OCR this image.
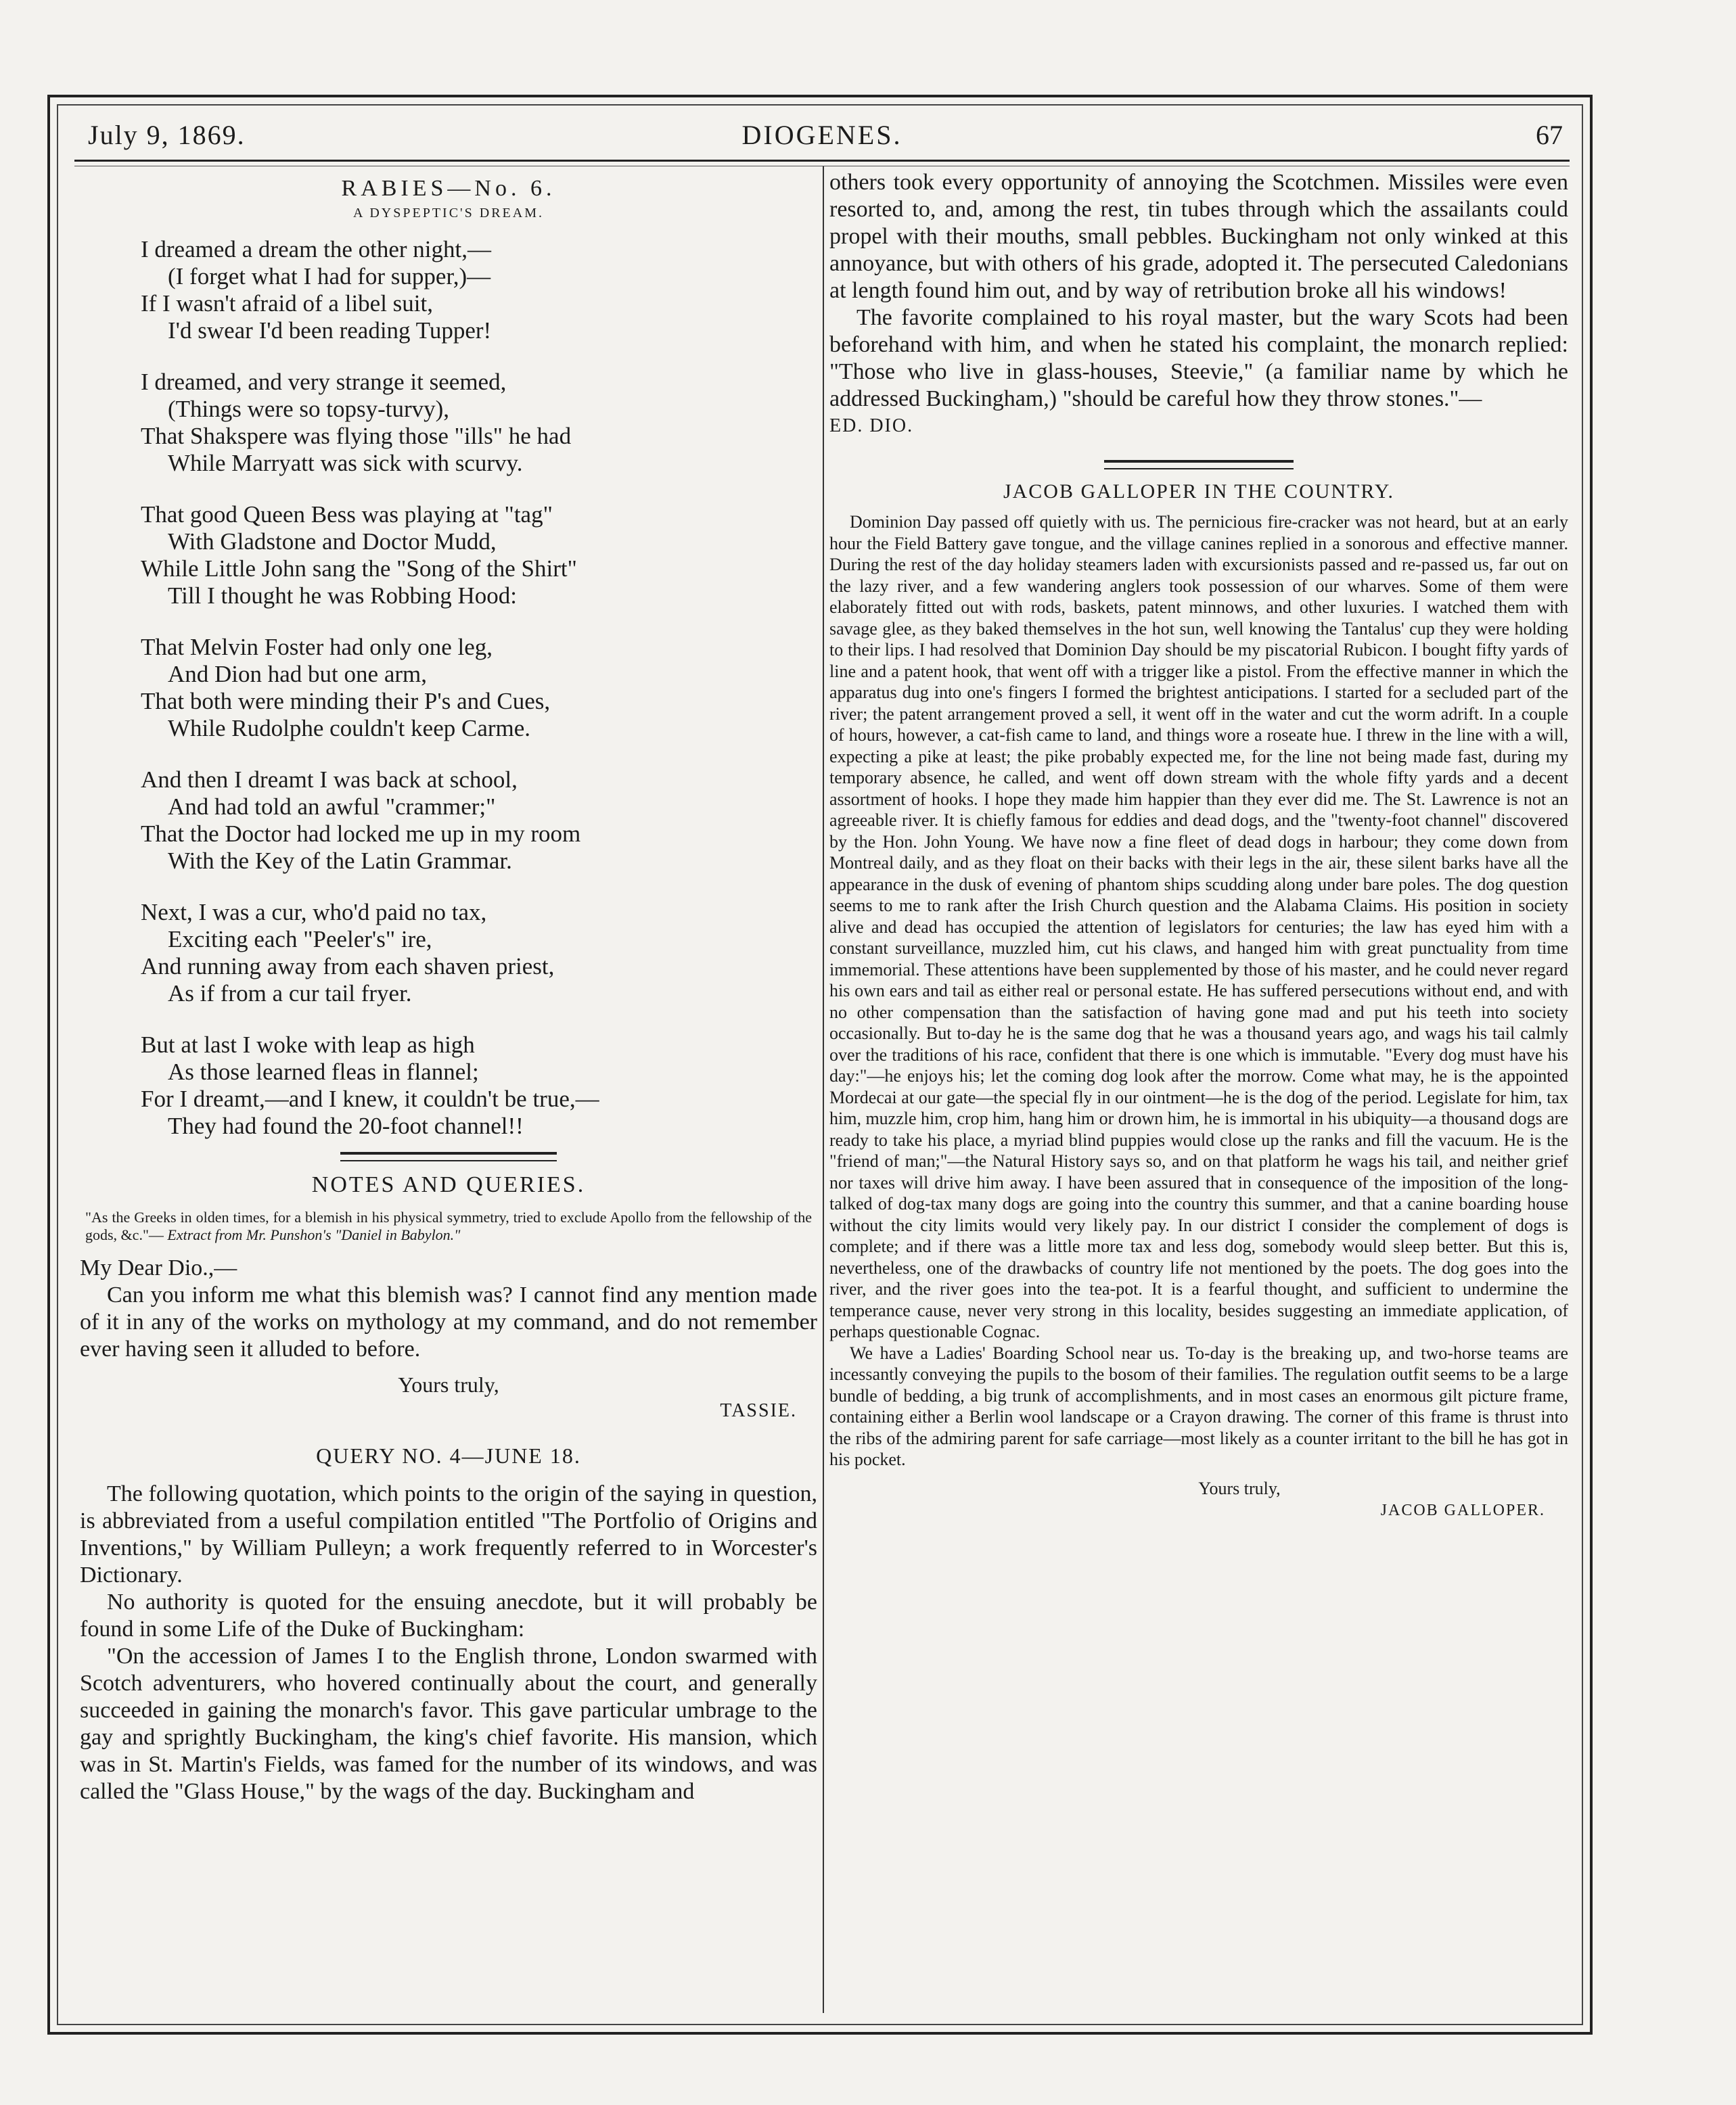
July 9, 1869.	DIOGENES.	67
RABIES—No. 6.
A DYSPEPTIC'S DREAM.
I dreamed a dream the other night,—
(I forget what I had for supper,)—
If I wasn't afraid of a libel suit,
I'd swear I'd been reading Tupper!
I dreamed, and very strange it seemed,
(Things were so topsy-turvy),
That Shakspere was flying those "ills" he had
While Marryatt was sick with scurvy.
That good Queen Bess was playing at "tag"
With Gladstone and Doctor Mudd,
While Little John sang the "Song of the Shirt"
Till I thought he was Robbing Hood:
That Melvin Foster had only one leg,
And Dion had but one arm,
That both were minding their P's and Cues,
While Rudolphe couldn't keep Carme.
And then I dreamt I was back at school,
And had told an awful "crammer;"
That the Doctor had locked me up in my room
With the Key of the Latin Grammar.
Next, I was a cur, who'd paid no tax,
Exciting each "Peeler's" ire,
And running away from each shaven priest,
As if from a cur tail fryer.
But at last I woke with leap as high
As those learned fleas in flannel;
For I dreamt,—and I knew, it couldn't be true,—
They had found the 20-foot channel!!
NOTES AND QUERIES.
"As the Greeks in olden times, for a blemish in his physical symmetry, tried to exclude Apollo from the fellowship of the gods, &c."— Extract from Mr. Punshon's "Daniel in Babylon."

My Dear Dio.,—

Can you inform me what this blemish was? I cannot find any mention made of it in any of the works on mythology at my command, and do not remember ever having seen it alluded to before.

Yours truly,
TASSIE.
QUERY NO. 4—JUNE 18.

The following quotation, which points to the origin of the saying in question, is abbreviated from a useful compilation entitled "The Portfolio of Origins and Inventions," by William Pulleyn; a work frequently referred to in Worcester's Dictionary.

No authority is quoted for the ensuing anecdote, but it will probably be found in some Life of the Duke of Buckingham:

"On the accession of James I to the English throne, London swarmed with Scotch adventurers, who hovered continually about the court, and generally succeeded in gaining the monarch's favor. This gave particular umbrage to the gay and sprightly Buckingham, the king's chief favorite. His mansion, which was in St. Martin's Fields, was famed for the number of its windows, and was called the "Glass House," by the wags of the day. Buckingham and

others took every opportunity of annoying the Scotchmen. Missiles were even resorted to, and, among the rest, tin tubes through which the assailants could propel with their mouths, small pebbles. Buckingham not only winked at this annoyance, but with others of his grade, adopted it. The persecuted Caledonians at length found him out, and by way of retribution broke all his windows!

The favorite complained to his royal master, but the wary Scots had been beforehand with him, and when he stated his complaint, the monarch replied: "Those who live in glass-houses, Steevie," (a familiar name by which he addressed Buckingham,) "should be careful how they throw stones."—

ED. DIO.

JACOB GALLOPER IN THE COUNTRY.

Dominion Day passed off quietly with us. The pernicious fire-cracker was not heard, but at an early hour the Field Battery gave tongue, and the village canines replied in a sonorous and effective manner. During the rest of the day holiday steamers laden with excursionists passed and re-passed us, far out on the lazy river, and a few wandering anglers took possession of our wharves. Some of them were elaborately fitted out with rods, baskets, patent minnows, and other luxuries. I watched them with savage glee, as they baked themselves in the hot sun, well knowing the Tantalus' cup they were holding to their lips. I had resolved that Dominion Day should be my piscatorial Rubicon. I bought fifty yards of line and a patent hook, that went off with a trigger like a pistol. From the effective manner in which the apparatus dug into one's fingers I formed the brightest anticipations. I started for a secluded part of the river; the patent arrangement proved a sell, it went off in the water and cut the worm adrift. In a couple of hours, however, a cat-fish came to land, and things wore a roseate hue. I threw in the line with a will, expecting a pike at least; the pike probably expected me, for the line not being made fast, during my temporary absence, he called, and went off down stream with the whole fifty yards and a decent assortment of hooks. I hope they made him happier than they ever did me. The St. Lawrence is not an agreeable river. It is chiefly famous for eddies and dead dogs, and the "twenty-foot channel" discovered by the Hon. John Young. We have now a fine fleet of dead dogs in harbour; they come down from Montreal daily, and as they float on their backs with their legs in the air, these silent barks have all the appearance in the dusk of evening of phantom ships scudding along under bare poles. The dog question seems to me to rank after the Irish Church question and the Alabama Claims. His position in society alive and dead has occupied the attention of legislators for centuries; the law has eyed him with a constant surveillance, muzzled him, cut his claws, and hanged him with great punctuality from time immemorial. These attentions have been supplemented by those of his master, and he could never regard his own ears and tail as either real or personal estate. He has suffered persecutions without end, and with no other compensation than the satisfaction of having gone mad and put his teeth into society occasionally. But to-day he is the same dog that he was a thousand years ago, and wags his tail calmly over the traditions of his race, confident that there is one which is immutable. "Every dog must have his day:"—he enjoys his; let the coming dog look after the morrow. Come what may, he is the appointed Mordecai at our gate—the special fly in our ointment—he is the dog of the period. Legislate for him, tax him, muzzle him, crop him, hang him or drown him, he is immortal in his ubiquity—a thousand dogs are ready to take his place, a myriad blind puppies would close up the ranks and fill the vacuum. He is the "friend of man;"—the Natural History says so, and on that platform he wags his tail, and neither grief nor taxes will drive him away. I have been assured that in consequence of the imposition of the long-talked of dog-tax many dogs are going into the country this summer, and that a canine boarding house without the city limits would very likely pay. In our district I consider the complement of dogs is complete; and if there was a little more tax and less dog, somebody would sleep better. But this is, nevertheless, one of the drawbacks of country life not mentioned by the poets. The dog goes into the river, and the river goes into the tea-pot. It is a fearful thought, and sufficient to undermine the temperance cause, never very strong in this locality, besides suggesting an immediate application, of perhaps questionable Cognac.

We have a Ladies' Boarding School near us. To-day is the breaking up, and two-horse teams are incessantly conveying the pupils to the bosom of their families. The regulation outfit seems to be a large bundle of bedding, a big trunk of accomplishments, and in most cases an enormous gilt picture frame, containing either a Berlin wool landscape or a Crayon drawing. The corner of this frame is thrust into the ribs of the admiring parent for safe carriage—most likely as a counter irritant to the bill he has got in his pocket.

Yours truly,
JACOB GALLOPER.
